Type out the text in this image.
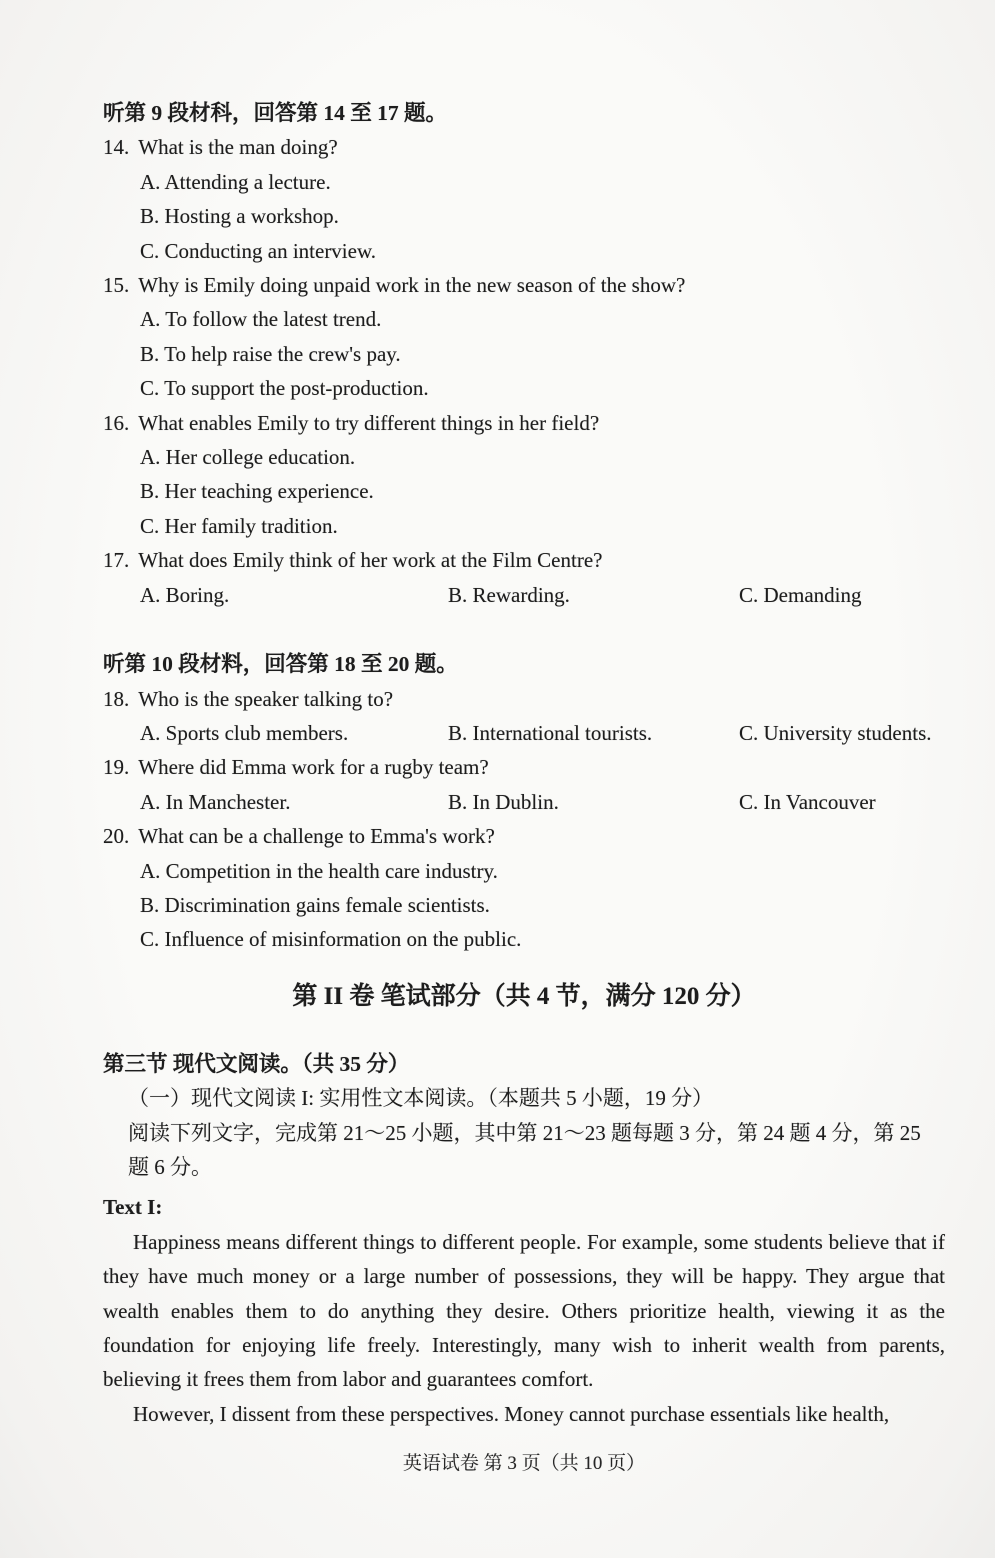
听第 9 段材科，回答第 14 至 17 题。

14. What is the man doing?

A. Attending a lecture.

B. Hosting a workshop.

C. Conducting an interview.

15. Why is Emily doing unpaid work in the new season of the show?

A. To follow the latest trend.

B. To help raise the crew's pay.

C. To support the post-production.

16. What enables Emily to try different things in her field?

A. Her college education.

B. Her teaching experience.

C. Her family tradition.

17. What does Emily think of her work at the Film Centre?

A. Boring.	B. Rewarding.	C. Demanding

听第 10 段材料，回答第 18 至 20 题。

18. Who is the speaker talking to?

A. Sports club members.	B. International tourists.	C. University students.

19. Where did Emma work for a rugby team?

A. In Manchester.	B. In Dublin.	C. In Vancouver

20. What can be a challenge to Emma's work?

A. Competition in the health care industry.

B. Discrimination gains female scientists.

C. Influence of misinformation on the public.

第 II 卷 笔试部分（共 4 节，满分 120 分）

第三节 现代文阅读。（共 35 分）

（一）现代文阅读 I: 实用性文本阅读。（本题共 5 小题，19 分）

阅读下列文字，完成第 21～25 小题，其中第 21～23 题每题 3 分，第 24 题 4 分，第 25 题 6 分。

Text I:

Happiness means different things to different people. For example, some students believe that if they have much money or a large number of possessions, they will be happy. They argue that wealth enables them to do anything they desire. Others prioritize health, viewing it as the foundation for enjoying life freely. Interestingly, many wish to inherit wealth from parents, believing it frees them from labor and guarantees comfort.

However, I dissent from these perspectives. Money cannot purchase essentials like health,

英语试卷 第 3 页（共 10 页）
